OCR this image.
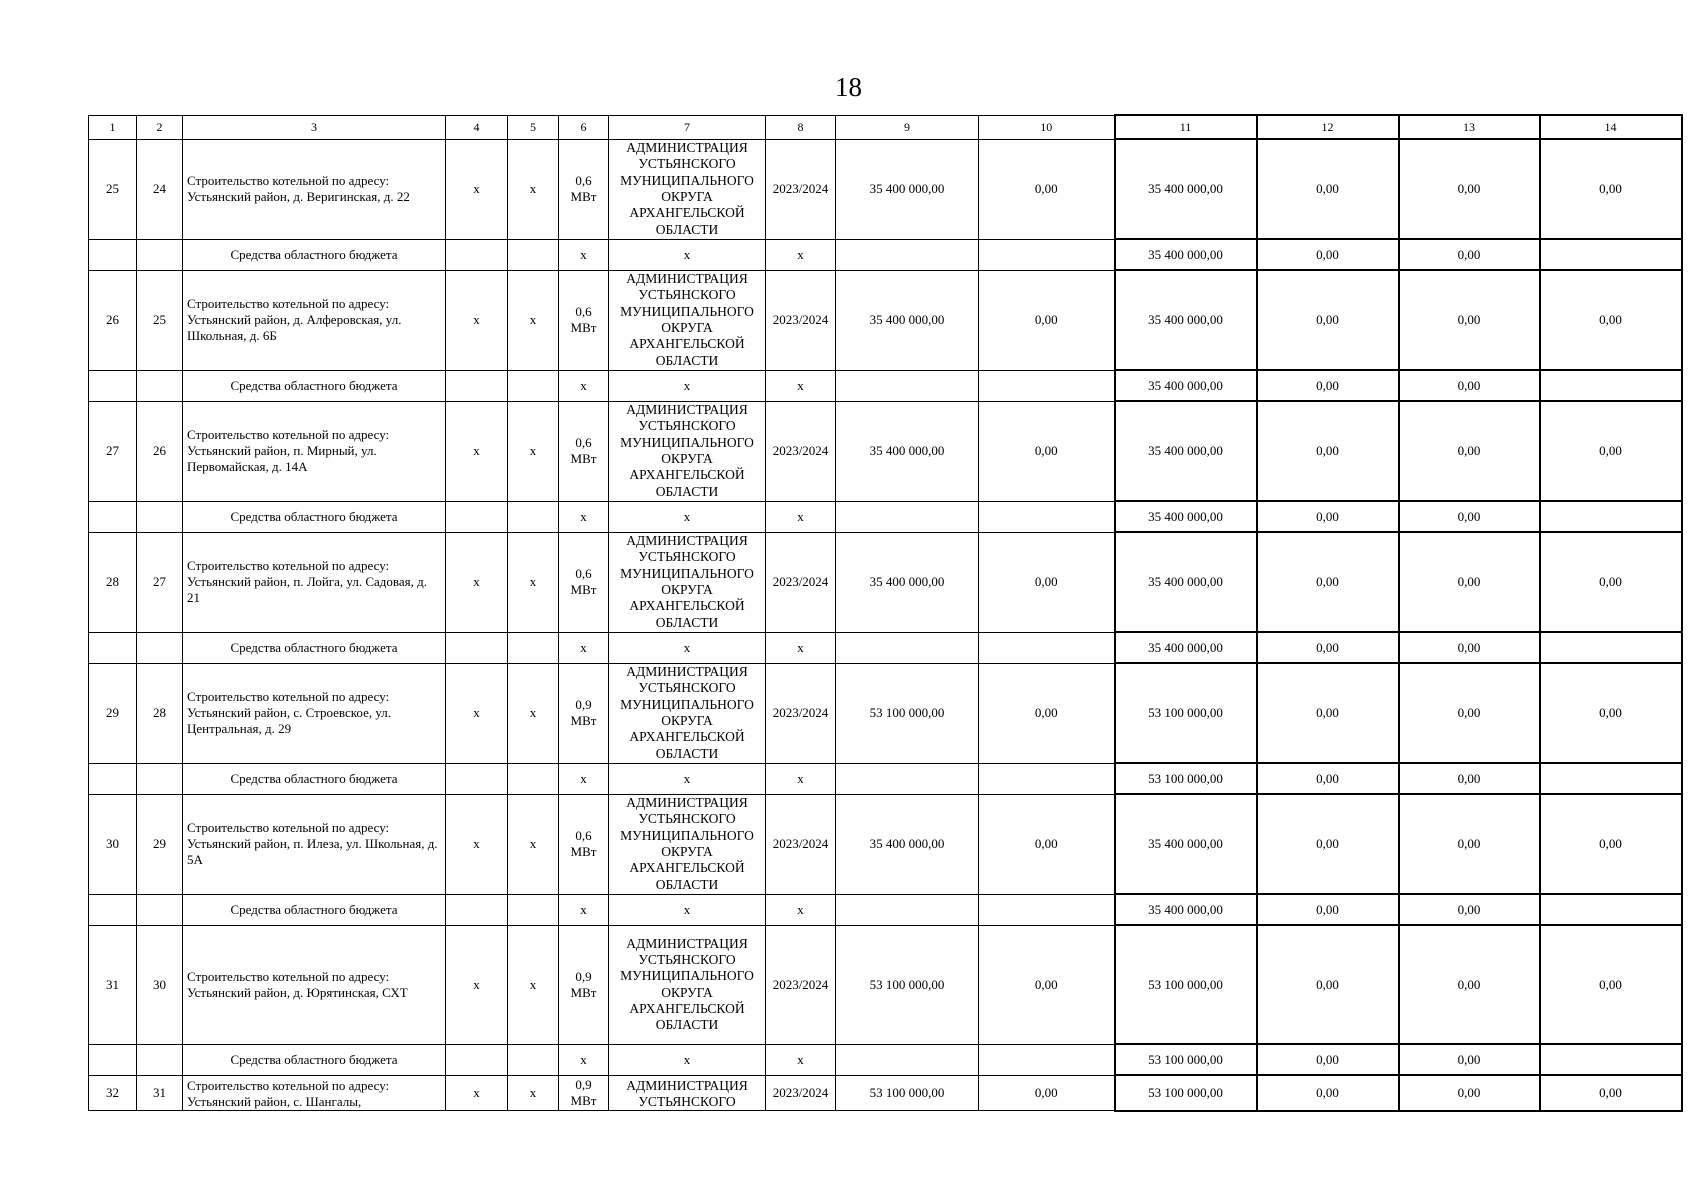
18
1	2	3	4	5	6	7	8	9	10	11	12	13	14
25	24	Строительство котельной по адресу: Устьянский район, д. Веригинская, д. 22	х	х	0,6 МВт	АДМИНИСТРАЦИЯ УСТЬЯНСКОГО МУНИЦИПАЛЬНОГО ОКРУГА АРХАНГЕЛЬСКОЙ ОБЛАСТИ	2023/2024	35 400 000,00	0,00	35 400 000,00	0,00	0,00	0,00
		Средства областного бюджета			х	х	х			35 400 000,00	0,00	0,00	
26	25	Строительство котельной по адресу: Устьянский район, д. Алферовская, ул. Школьная, д. 6Б	х	х	0,6 МВт	АДМИНИСТРАЦИЯ УСТЬЯНСКОГО МУНИЦИПАЛЬНОГО ОКРУГА АРХАНГЕЛЬСКОЙ ОБЛАСТИ	2023/2024	35 400 000,00	0,00	35 400 000,00	0,00	0,00	0,00
		Средства областного бюджета			х	х	х			35 400 000,00	0,00	0,00	
27	26	Строительство котельной по адресу: Устьянский район, п. Мирный, ул. Первомайская, д. 14А	х	х	0,6 МВт	АДМИНИСТРАЦИЯ УСТЬЯНСКОГО МУНИЦИПАЛЬНОГО ОКРУГА АРХАНГЕЛЬСКОЙ ОБЛАСТИ	2023/2024	35 400 000,00	0,00	35 400 000,00	0,00	0,00	0,00
		Средства областного бюджета			х	х	х			35 400 000,00	0,00	0,00	
28	27	Строительство котельной по адресу: Устьянский район, п. Лойга, ул. Садовая, д. 21	х	х	0,6 МВт	АДМИНИСТРАЦИЯ УСТЬЯНСКОГО МУНИЦИПАЛЬНОГО ОКРУГА АРХАНГЕЛЬСКОЙ ОБЛАСТИ	2023/2024	35 400 000,00	0,00	35 400 000,00	0,00	0,00	0,00
		Средства областного бюджета			х	х	х			35 400 000,00	0,00	0,00	
29	28	Строительство котельной по адресу: Устьянский район, с. Строевское, ул. Центральная, д. 29	х	х	0,9 МВт	АДМИНИСТРАЦИЯ УСТЬЯНСКОГО МУНИЦИПАЛЬНОГО ОКРУГА АРХАНГЕЛЬСКОЙ ОБЛАСТИ	2023/2024	53 100 000,00	0,00	53 100 000,00	0,00	0,00	0,00
		Средства областного бюджета			х	х	х			53 100 000,00	0,00	0,00	
30	29	Строительство котельной по адресу: Устьянский район, п. Илеза, ул. Школьная, д. 5А	х	х	0,6 МВт	АДМИНИСТРАЦИЯ УСТЬЯНСКОГО МУНИЦИПАЛЬНОГО ОКРУГА АРХАНГЕЛЬСКОЙ ОБЛАСТИ	2023/2024	35 400 000,00	0,00	35 400 000,00	0,00	0,00	0,00
		Средства областного бюджета			х	х	х			35 400 000,00	0,00	0,00	
31	30	Строительство котельной по адресу: Устьянский район, д. Юрятинская, СХТ	х	х	0,9 МВт	АДМИНИСТРАЦИЯ УСТЬЯНСКОГО МУНИЦИПАЛЬНОГО ОКРУГА АРХАНГЕЛЬСКОЙ ОБЛАСТИ	2023/2024	53 100 000,00	0,00	53 100 000,00	0,00	0,00	0,00
		Средства областного бюджета			х	х	х			53 100 000,00	0,00	0,00	
32	31	Строительство котельной по адресу: Устьянский район, с. Шангалы,	х	х	0,9 МВт	АДМИНИСТРАЦИЯ УСТЬЯНСКОГО	2023/2024	53 100 000,00	0,00	53 100 000,00	0,00	0,00	0,00
